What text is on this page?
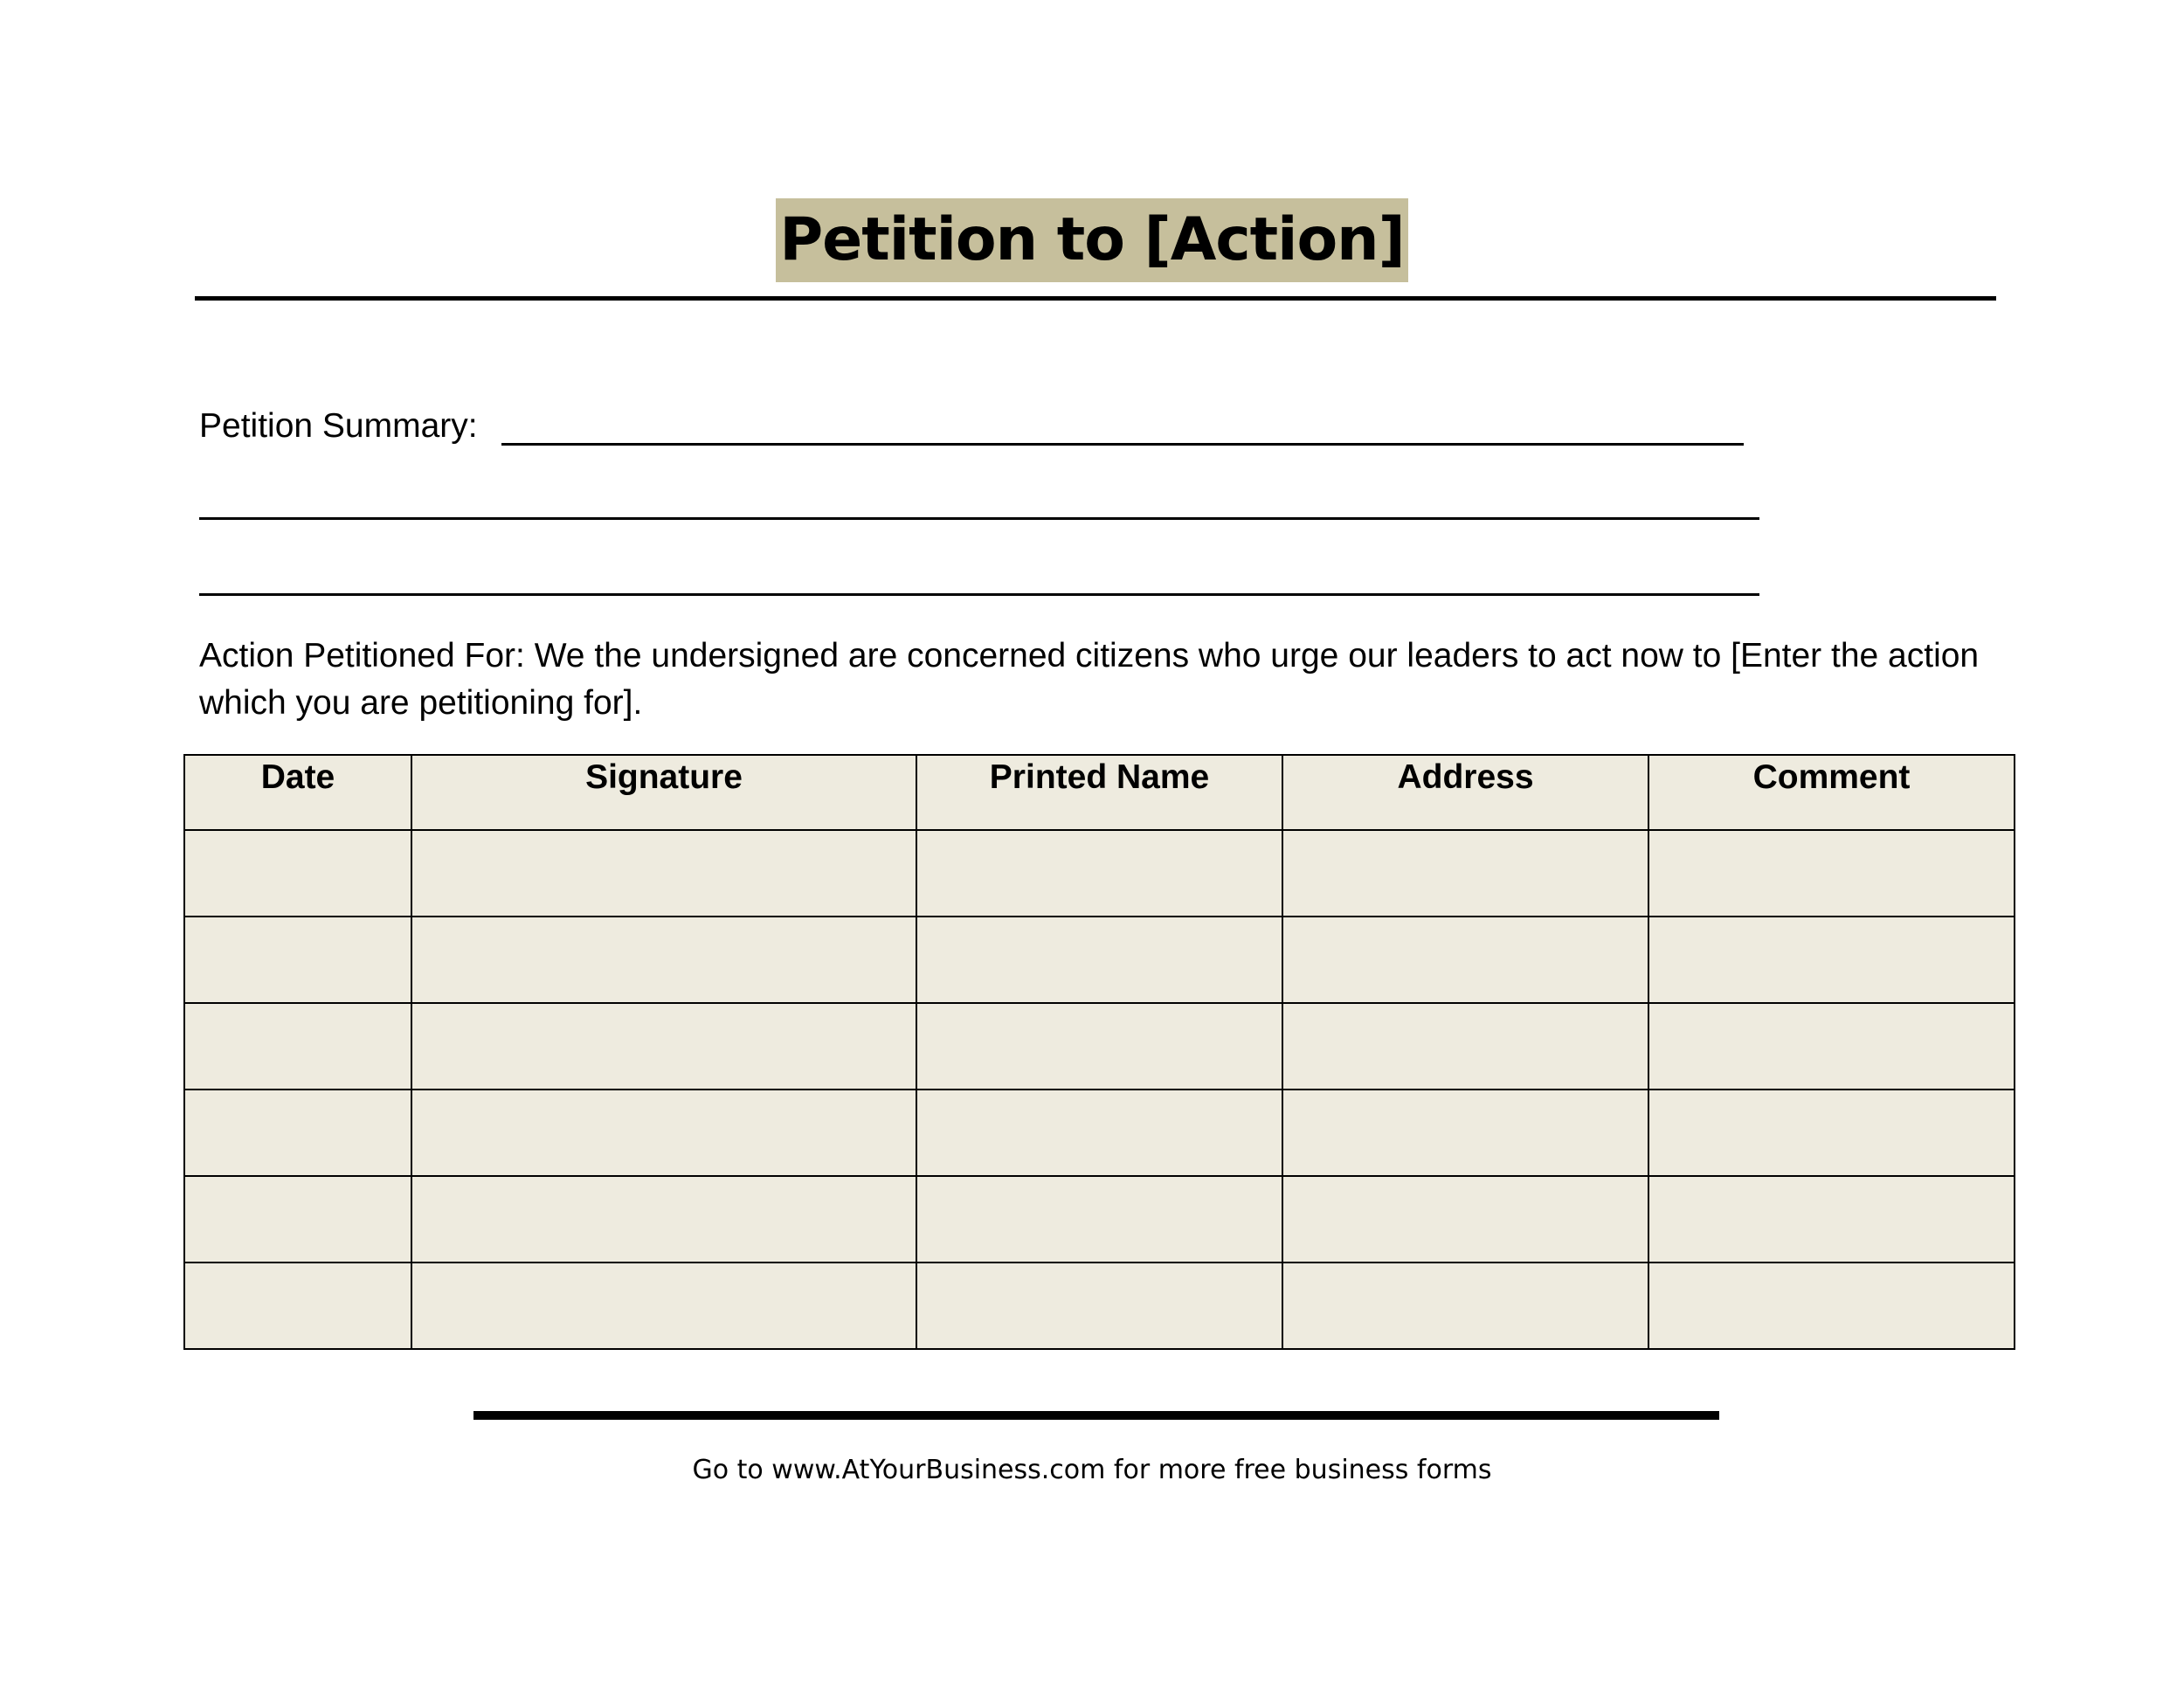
Petition to [Action]
Petition Summary:
Action Petitioned For: We the undersigned are concerned citizens who urge our leaders to act now to [Enter the action which you are petitioning for].
Date	Signature	Printed Name	Address	Comment

Go to www.AtYourBusiness.com for more free business forms
